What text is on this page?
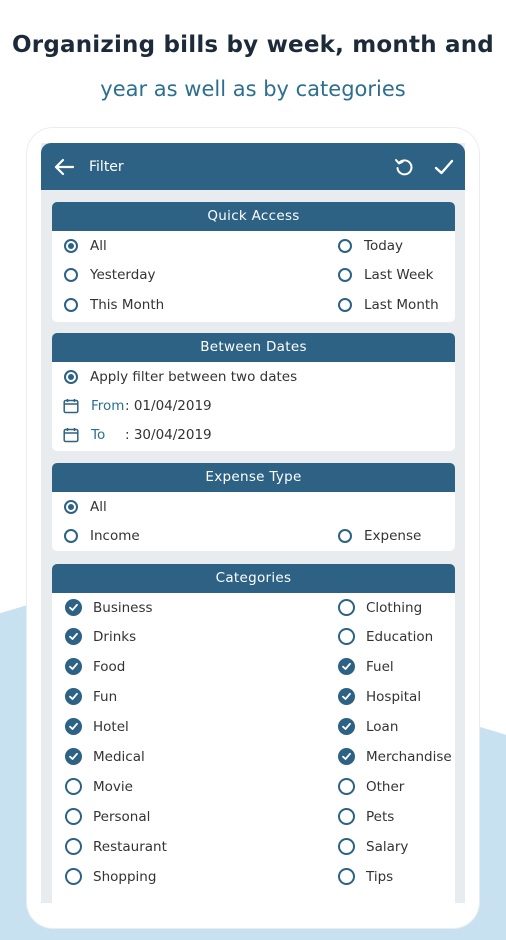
Organizing bills by week, month and
year as well as by categories
Filter
Quick Access
All	Today
Yesterday	Last Week
This Month	Last Month
Between Dates
Apply filter between two dates
From : 01/04/2019
To	: 30/04/2019
Expense Type
All
Income	Expense
Categories
Business	Clothing
Drinks	Education
Food	Fuel
Fun	Hospital
Hotel	Loan
Medical	Merchandise
Movie	Other
Personal	Pets
Restaurant	Salary
Shopping	Tips
